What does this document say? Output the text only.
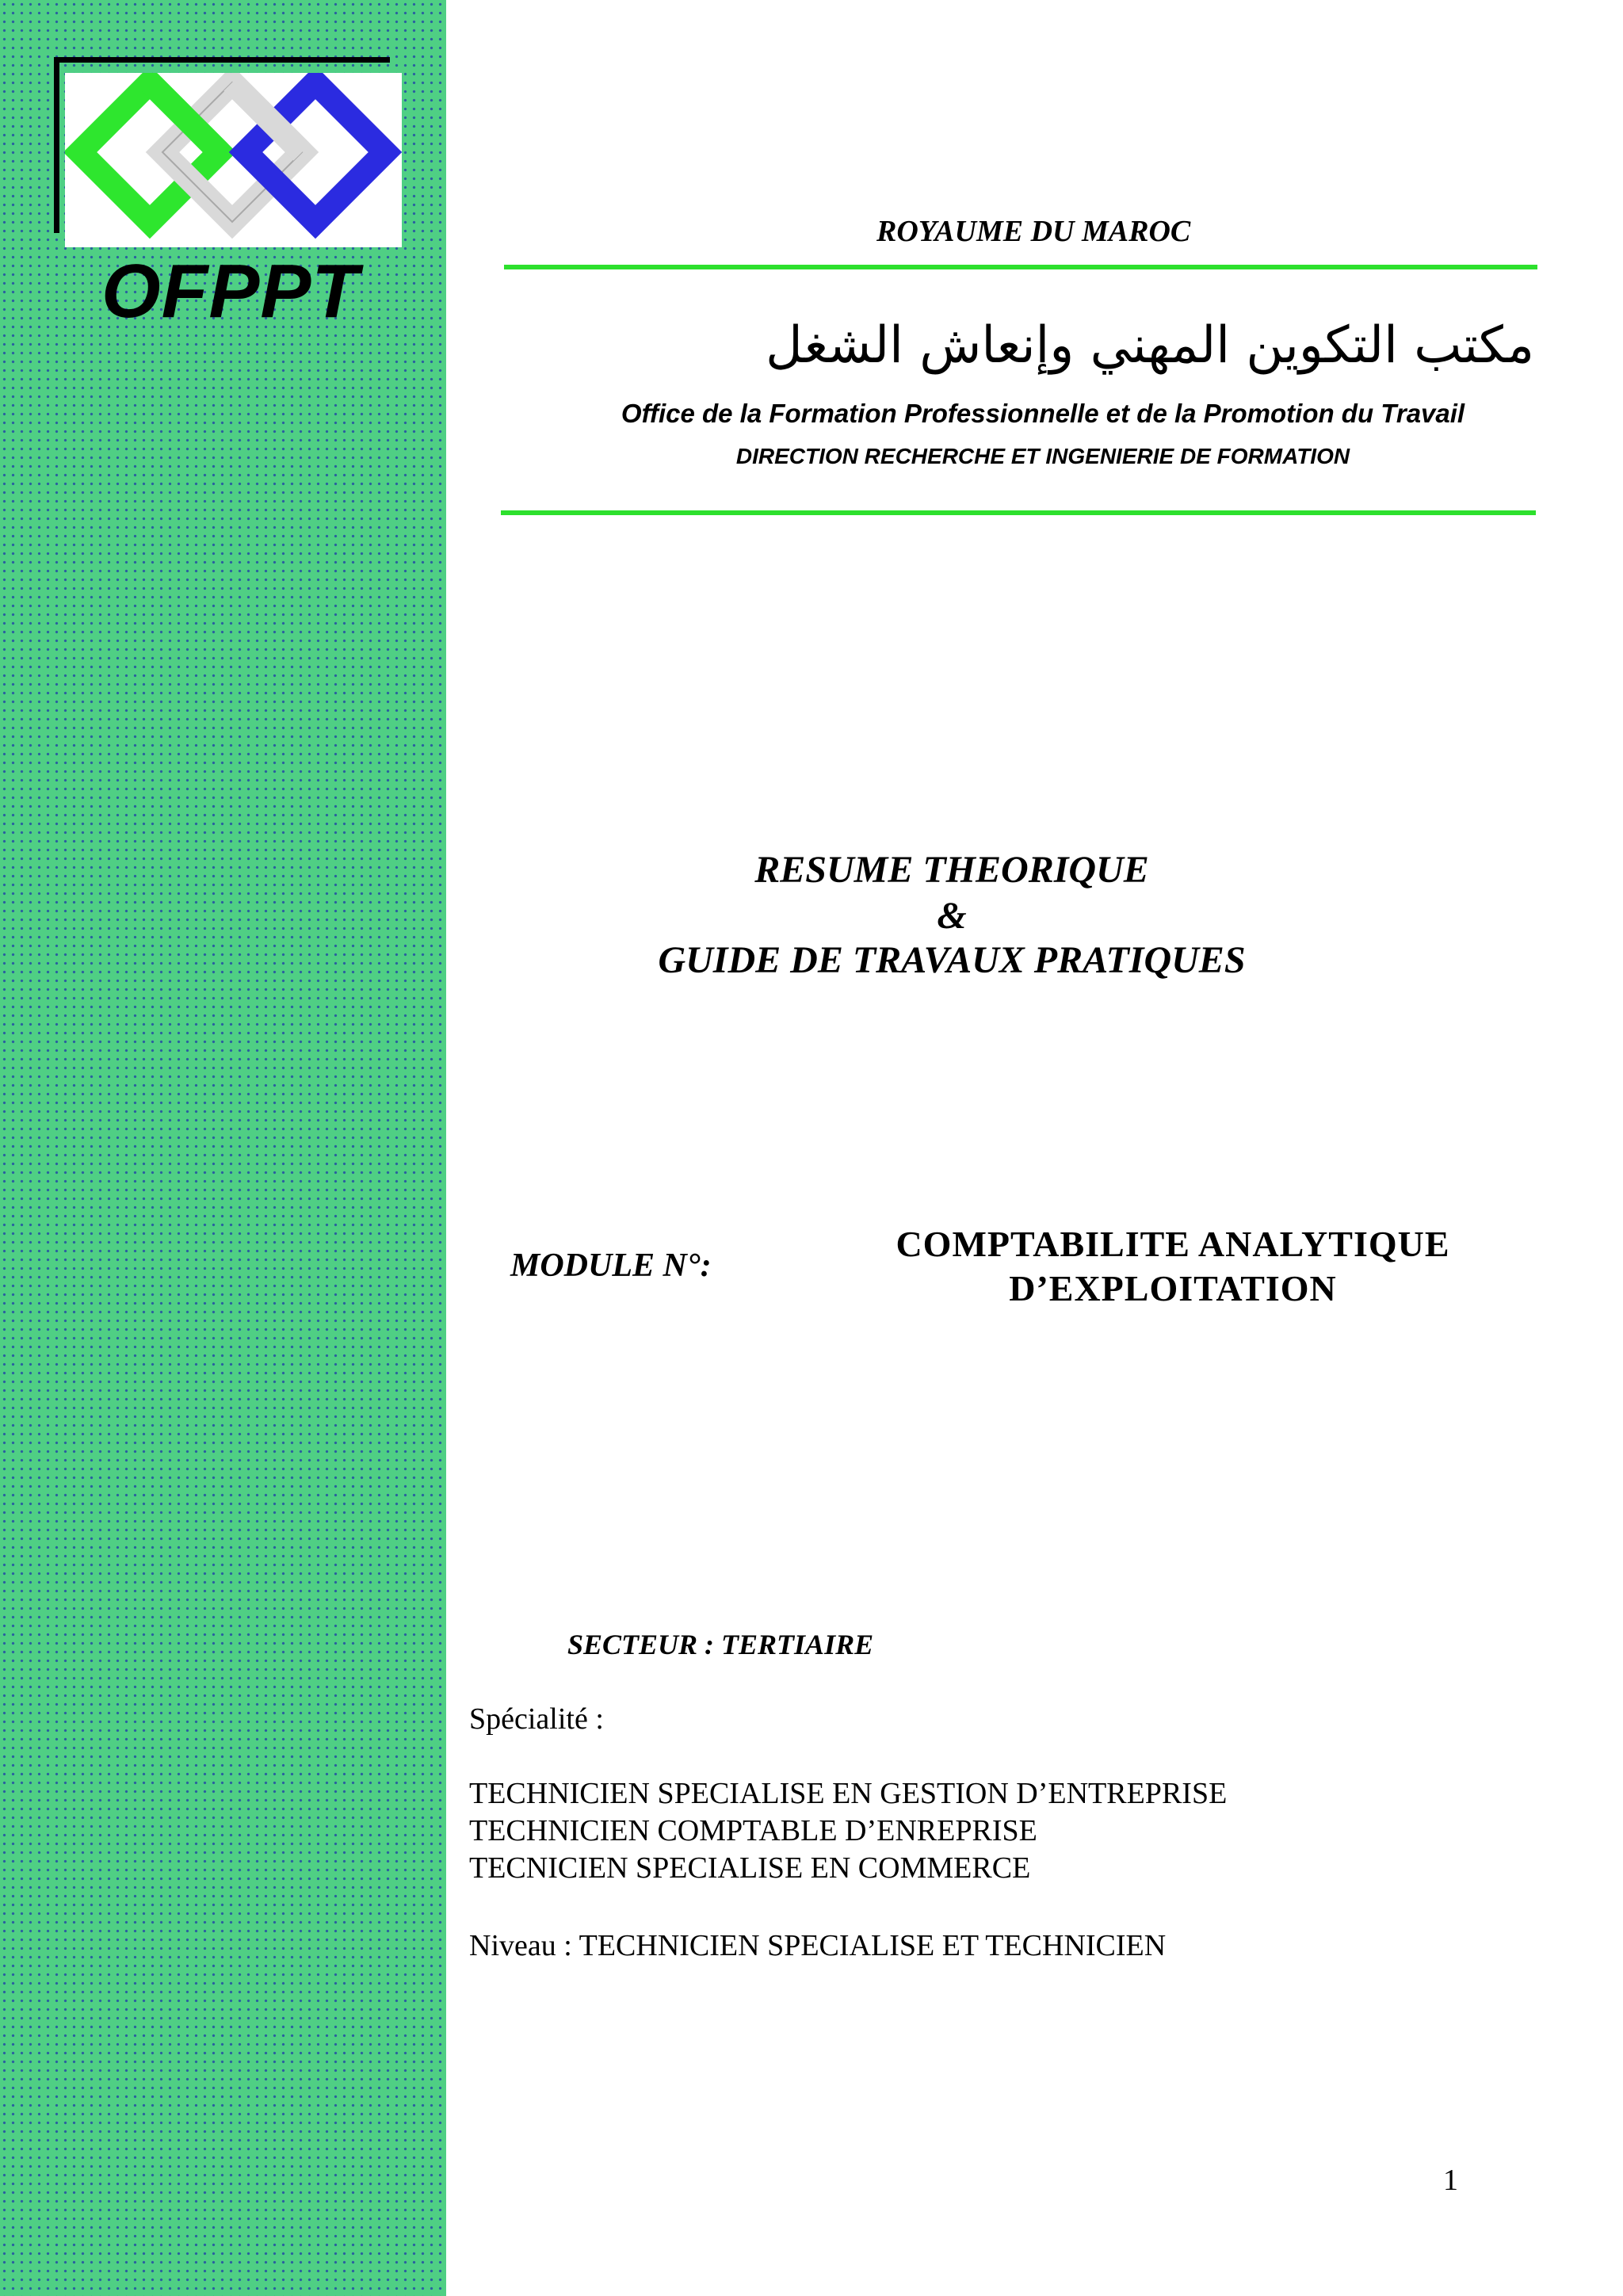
OFPPT
ROYAUME DU MAROC
مكتب التكوين المهني وإنعاش الشغل
Office de la Formation Professionnelle et de la Promotion du Travail
DIRECTION RECHERCHE ET INGENIERIE DE FORMATION
RESUME THEORIQUE
&
GUIDE DE TRAVAUX PRATIQUES
MODULE N°:
COMPTABILITE ANALYTIQUE
D’EXPLOITATION
SECTEUR : TERTIAIRE
Spécialité :
TECHNICIEN SPECIALISE EN GESTION D’ENTREPRISE
TECHNICIEN COMPTABLE D’ENREPRISE
TECNICIEN SPECIALISE EN COMMERCE
Niveau : TECHNICIEN SPECIALISE ET TECHNICIEN
1
